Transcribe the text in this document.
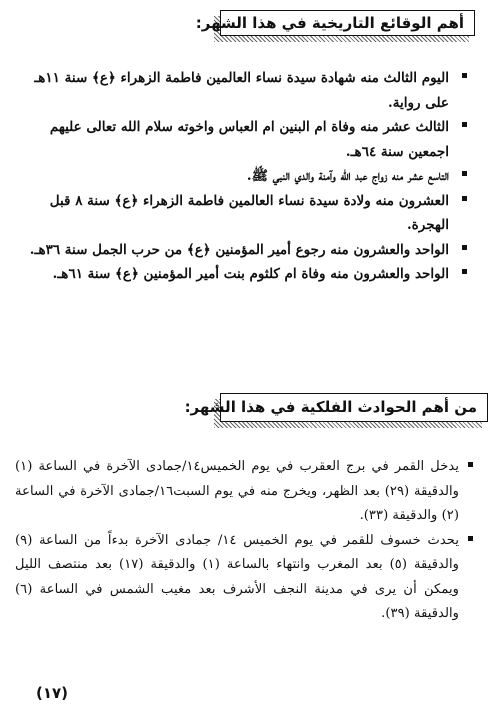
أهم الوقائع التاريخية في هذا الشهر:
اليوم الثالث منه شهادة سيدة نساء العالمين فاطمة الزهراء ﴿ع﴾ سنة ١١هـ على رواية.
الثالث عشر منه وفاة ام البنين ام العباس واخوته سلام الله تعالى عليهم اجمعين سنة ٦٤هـ.
التاسع عشر منه زواج عبد الله وآمنة والدي النبي ﷺ.
العشرون منه ولادة سيدة نساء العالمين فاطمة الزهراء ﴿ع﴾ سنة ٨ قبل الهجرة.
الواحد والعشرون منه رجوع أمير المؤمنين ﴿ع﴾ من حرب الجمل سنة ٣٦هـ.
الواحد والعشرون منه وفاة ام كلثوم بنت أمير المؤمنين ﴿ع﴾ سنة ٦١هـ.
من أهم الحوادث الفلكية في هذا الشهر:
يدخل القمر في برج العقرب في يوم الخميس١٤/جمادى الآخرة في الساعة (١) والدقيقة (٢٩) بعد الظهر، ويخرج منه في يوم السبت١٦/جمادى الآخرة في الساعة (٢) والدقيقة (٣٣).
يحدث خسوف للقمر في يوم الخميس ١٤/ جمادى الآخرة بدءاً من الساعة (٩) والدقيقة (٥) بعد المغرب وانتهاء بالساعة (١) والدقيقة (١٧) بعد منتصف الليل ويمكن أن يرى في مدينة النجف الأشرف بعد مغيب الشمس في الساعة (٦) والدقيقة (٣٩).
(١٧)
